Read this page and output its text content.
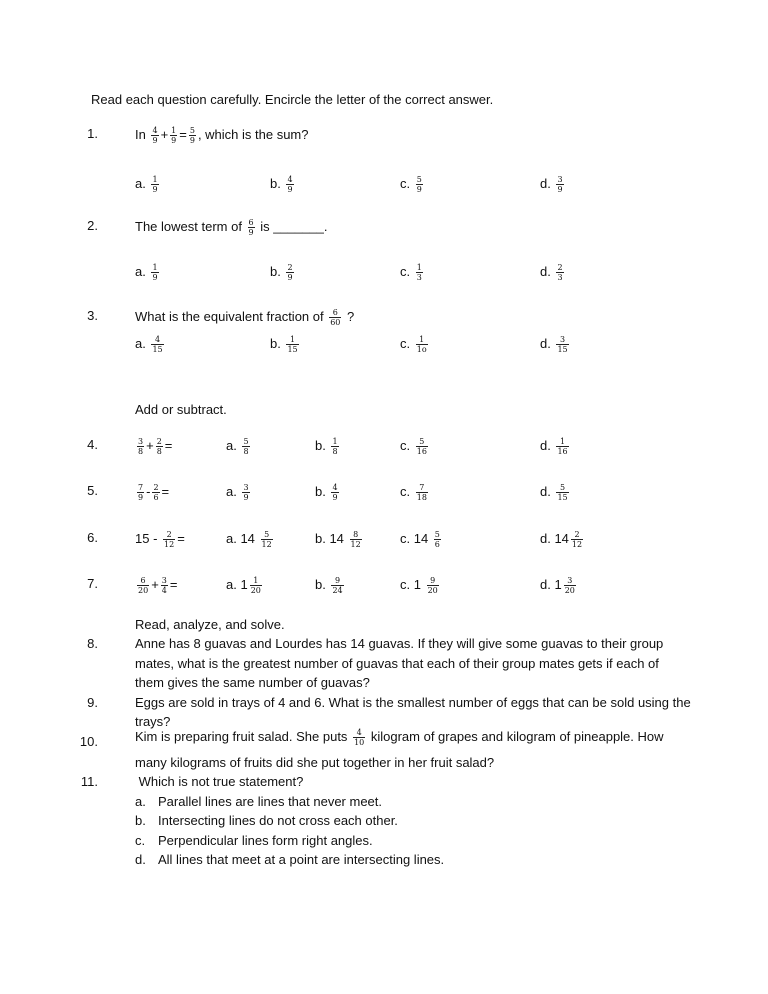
Read each question carefully. Encircle the letter of the correct answer.
Add or subtract.
Read, analyze, and solve.
1.	In $\frac{4}{9} + \frac{1}{9} = \frac{5}{9}$ , which is the sum?
a. $\frac{1}{9}$	b. $\frac{4}{9}$	c. $\frac{5}{9}$	d. $\frac{3}{9}$
2.	The lowest term of $\frac{6}{9}$ is _______.
a. $\frac{1}{9}$	b. $\frac{2}{9}$	c. $\frac{1}{3}$	d. $\frac{2}{3}$
3.	What is the equivalent fraction of $\frac{6}{60}$ ?
a. $\frac{4}{15}$	b. $\frac{1}{15}$	c. $\frac{1}{1o}$	d. $\frac{3}{15}$
4.	$\frac{3}{8} + \frac{2}{8}$ =	a. $\frac{5}{8}$	b. $\frac{1}{8}$	c. $\frac{5}{16}$	d. $\frac{1}{16}$
5.	$\frac{7}{9} - \frac{2}{6}$ =	a. $\frac{3}{9}$	b. $\frac{4}{9}$	c. $\frac{7}{18}$	d. $\frac{5}{15}$
6.	$15 - \frac{2}{12}$ =	a. $14 \frac{5}{12}$	b. $14 \frac{8}{12}$	c. $14 \frac{5}{6}$	d. $14 \frac{2}{12}$
7.	$\frac{6}{20} + \frac{3}{4}$ =	a. $1 \frac{1}{20}$	b. $\frac{9}{24}$	c. $1 \frac{9}{20}$	d. $1 \frac{3}{20}$
8.	Anne has 8 guavas and Lourdes has 14 guavas. If they will give some guavas to their group
mates, what is the greatest number of guavas that each of their group mates gets if each of
them gives the same number of guavas?
9.	Eggs are sold in trays of 4 and 6. What is the smallest number of eggs that can be sold using the
trays?
10.	Kim is preparing fruit salad. She puts $\frac{4}{10}$ kilogram of grapes and kilogram of pineapple. How
many kilograms of fruits did she put together in her fruit salad?
11.	Which is not true statement?
a. Parallel lines are lines that never meet.
b. Intersecting lines do not cross each other.
c. Perpendicular lines form right angles.
d. All lines that meet at a point are intersecting lines.
